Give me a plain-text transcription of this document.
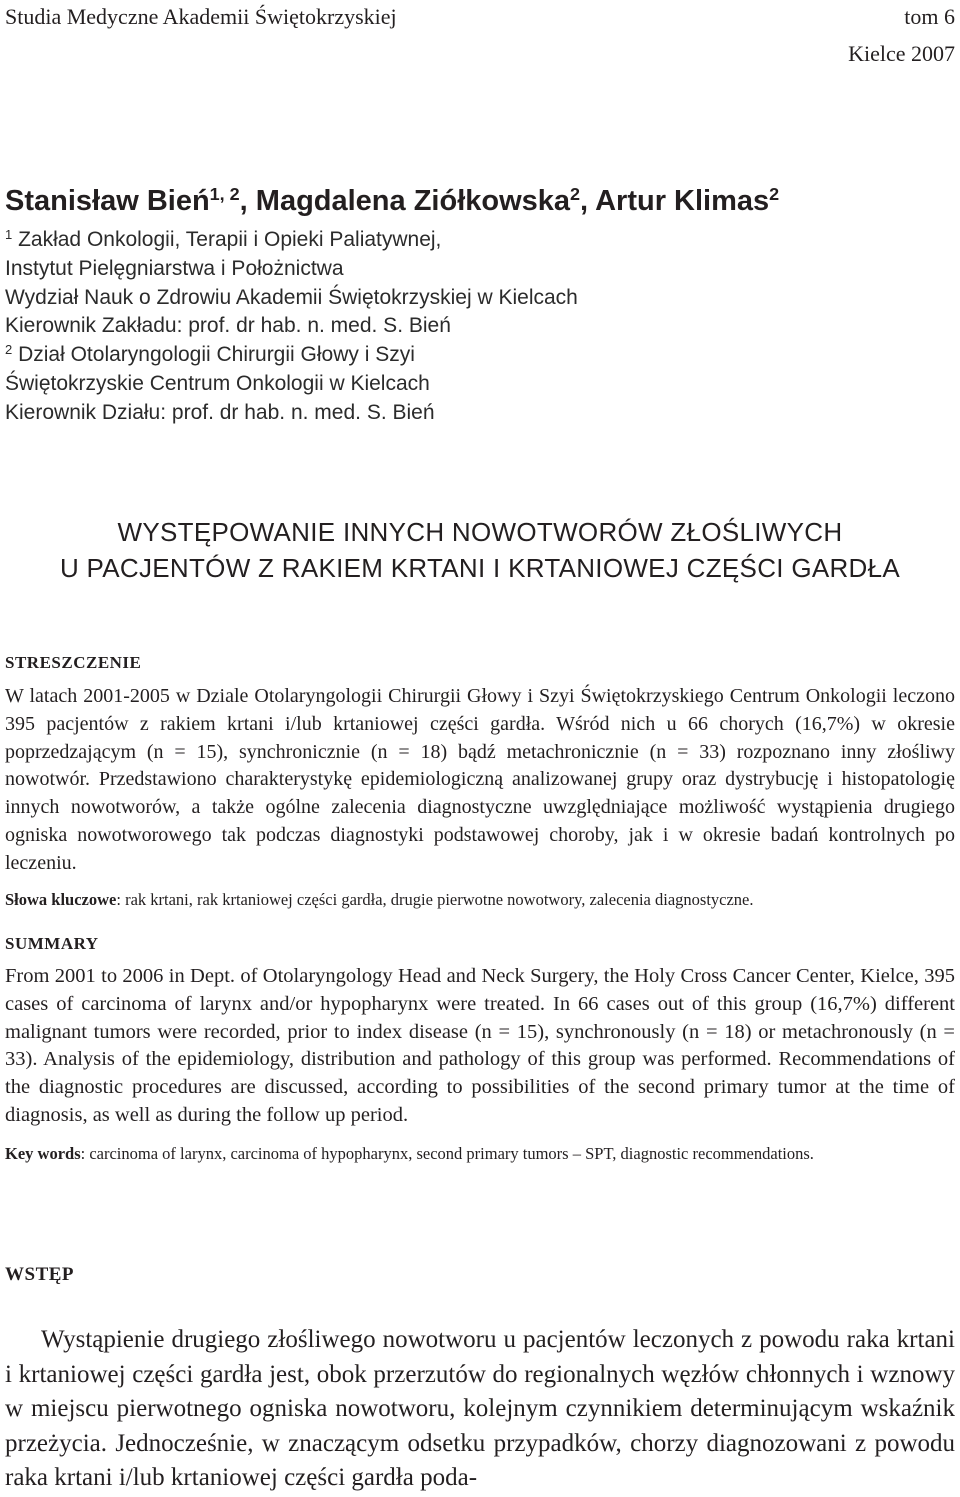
Studia Medyczne Akademii Świętokrzyskiej	tom 6
Kielce 2007
Stanisław Bień$^{1, 2}$, Magdalena Ziółkowska$^2$, Artur Klimas$^2$
$^1$ Zakład Onkologii, Terapii i Opieki Paliatywnej,
Instytut Pielęgniarstwa i Położnictwa
Wydział Nauk o Zdrowiu Akademii Świętokrzyskiej w Kielcach
Kierownik Zakładu: prof. dr hab. n. med. S. Bień
$^2$ Dział Otolaryngologii Chirurgii Głowy i Szyi
Świętokrzyskie Centrum Onkologii w Kielcach
Kierownik Działu: prof. dr hab. n. med. S. Bień
WYSTĘPOWANIE INNYCH NOWOTWORÓW ZŁOŚLIWYCH
U PACJENTÓW Z RAKIEM KRTANI I KRTANIOWEJ CZĘŚCI GARDŁA
STRESZCZENIE
W latach 2001-2005 w Dziale Otolaryngologii Chirurgii Głowy i Szyi Świętokrzyskiego Centrum Onkologii leczono 395 pacjentów z rakiem krtani i/lub krtaniowej części gardła. Wśród nich u 66 chorych (16,7%) w okresie poprzedzającym (n = 15), synchronicznie (n = 18) bądź metachronicznie (n = 33) rozpoznano inny złośliwy nowotwór. Przedstawiono charakterystykę epidemiologiczną analizowanej grupy oraz dystrybucję i histopatologię innych nowotworów, a także ogólne zalecenia diagnostyczne uwzględniające możliwość wystąpienia drugiego ogniska nowotworowego tak podczas diagnostyki podstawowej choroby, jak i w okresie badań kontrolnych po leczeniu.
Słowa kluczowe: rak krtani, rak krtaniowej części gardła, drugie pierwotne nowotwory, zalecenia diagnostyczne.
SUMMARY
From 2001 to 2006 in Dept. of Otolaryngology Head and Neck Surgery, the Holy Cross Cancer Center, Kielce, 395 cases of carcinoma of larynx and/or hypopharynx were treated. In 66 cases out of this group (16,7%) different malignant tumors were recorded, prior to index disease (n = 15), synchronously (n = 18) or metachronously (n = 33). Analysis of the epidemiology, distribution and pathology of this group was performed. Recommendations of the diagnostic procedures are discussed, according to possibilities of the second primary tumor at the time of diagnosis, as well as during the follow up period.
Key words: carcinoma of larynx, carcinoma of hypopharynx, second primary tumors – SPT, diagnostic recommendations.
WSTĘP
Wystąpienie drugiego złośliwego nowotworu u pacjentów leczonych z powodu raka krtani i krtaniowej części gardła jest, obok przerzutów do regionalnych węzłów chłonnych i wznowy w miejscu pierwotnego ogniska nowotworu, kolejnym czynnikiem determinującym wskaźnik przeżycia. Jednocześnie, w znaczącym odsetku przypadków, chorzy diagnozowani z powodu raka krtani i/lub krtaniowej części gardła poda-
